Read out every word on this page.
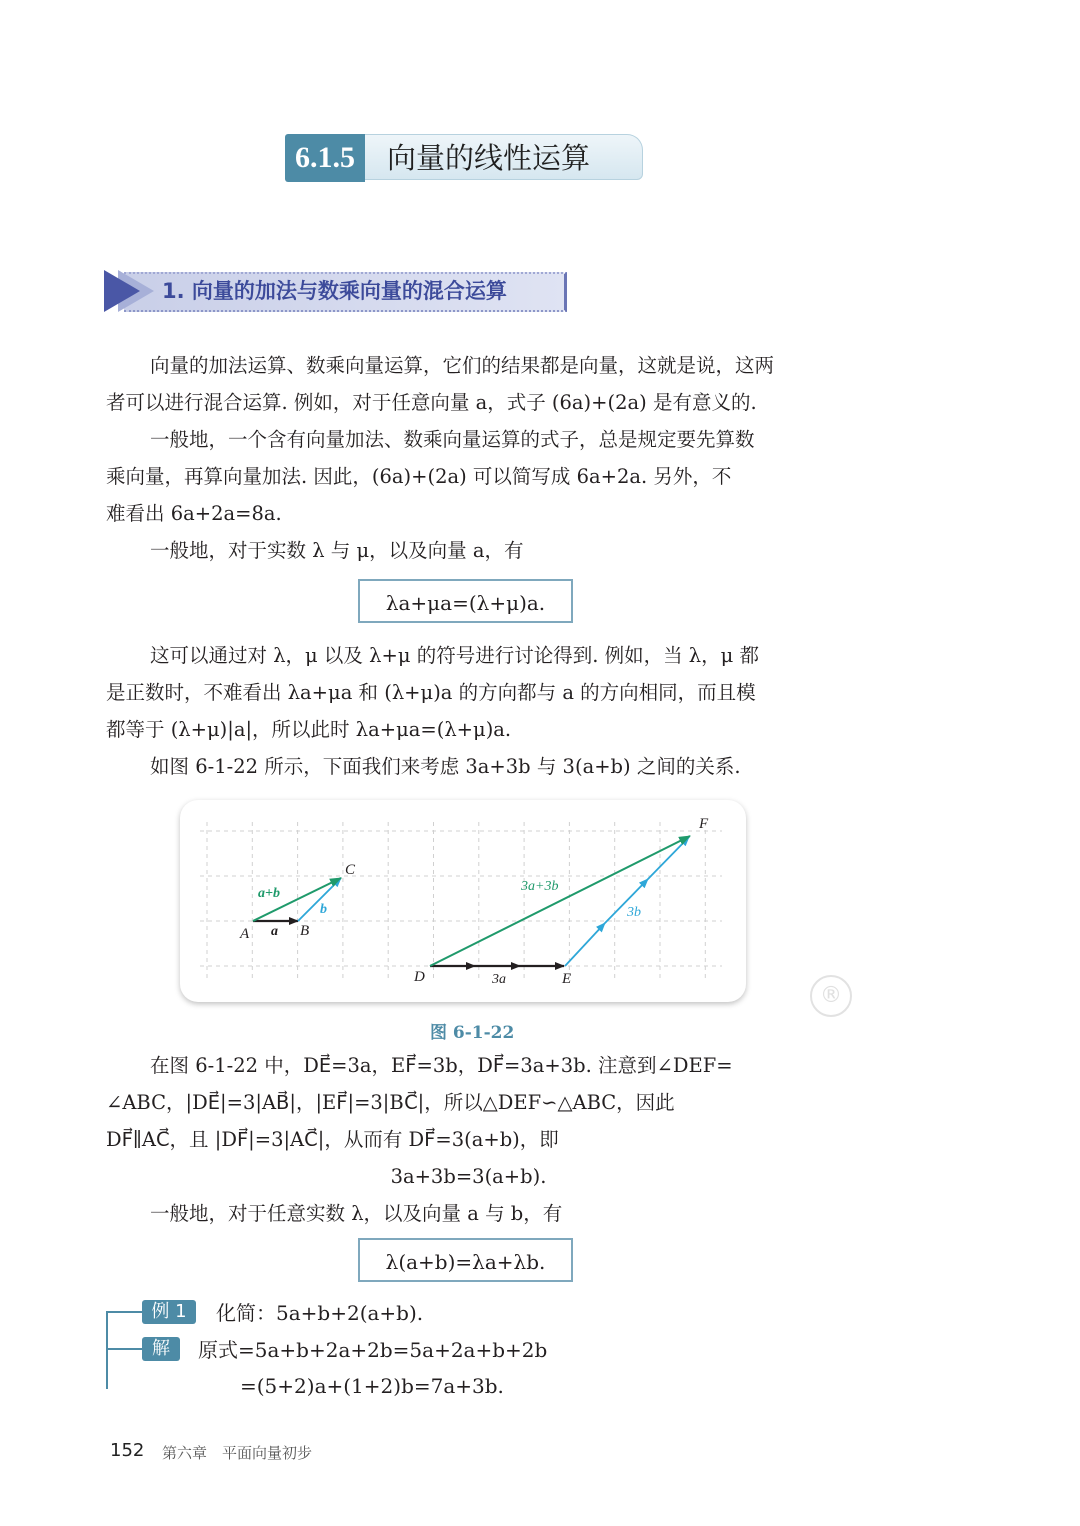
6.1.5	向量的线性运算
1. 向量的加法与数乘向量的混合运算

向量的加法运算、数乘向量运算，它们的结果都是向量，这就是说，这两

者可以进行混合运算. 例如，对于任意向量 a，式子 (6a)+(2a) 是有意义的.

一般地，一个含有向量加法、数乘向量运算的式子，总是规定要先算数

乘向量，再算向量加法. 因此，(6a)+(2a) 可以简写成 6a+2a. 另外，不

难看出 6a+2a=8a.

一般地，对于实数 λ 与 μ，以及向量 a，有

λa+μa=(λ+μ)a.

这可以通过对 λ，μ 以及 λ+μ 的符号进行讨论得到. 例如，当 λ，μ 都

是正数时，不难看出 λa+μa 和 (λ+μ)a 的方向都与 a 的方向相同，而且模

都等于 (λ+μ)|a|，所以此时 λa+μa=(λ+μ)a.

如图 6-1-22 所示，下面我们来考虑 3a+3b 与 3(a+b) 之间的关系.

A	B
C
D	E
F
a
b
a+b
3a
3b
3a+3b
图 6-1-22
®

在图 6-1-22 中，DE⃗=3a，EF⃗=3b，DF⃗=3a+3b. 注意到∠DEF=

∠ABC，|DE⃗|=3|AB⃗|，|EF⃗|=3|BC⃗|，所以△DEF∽△ABC，因此

DF⃗∥AC⃗，且 |DF⃗|=3|AC⃗|，从而有 DF⃗=3(a+b)，即

3a+3b=3(a+b).

一般地，对于任意实数 λ，以及向量 a 与 b，有

λ(a+b)=λa+λb.
例 1	化简：5a+b+2(a+b).
解	原式=5a+b+2a+2b=5a+2a+b+2b
=(5+2)a+(1+2)b=7a+3b.
152 第六章　平面向量初步
